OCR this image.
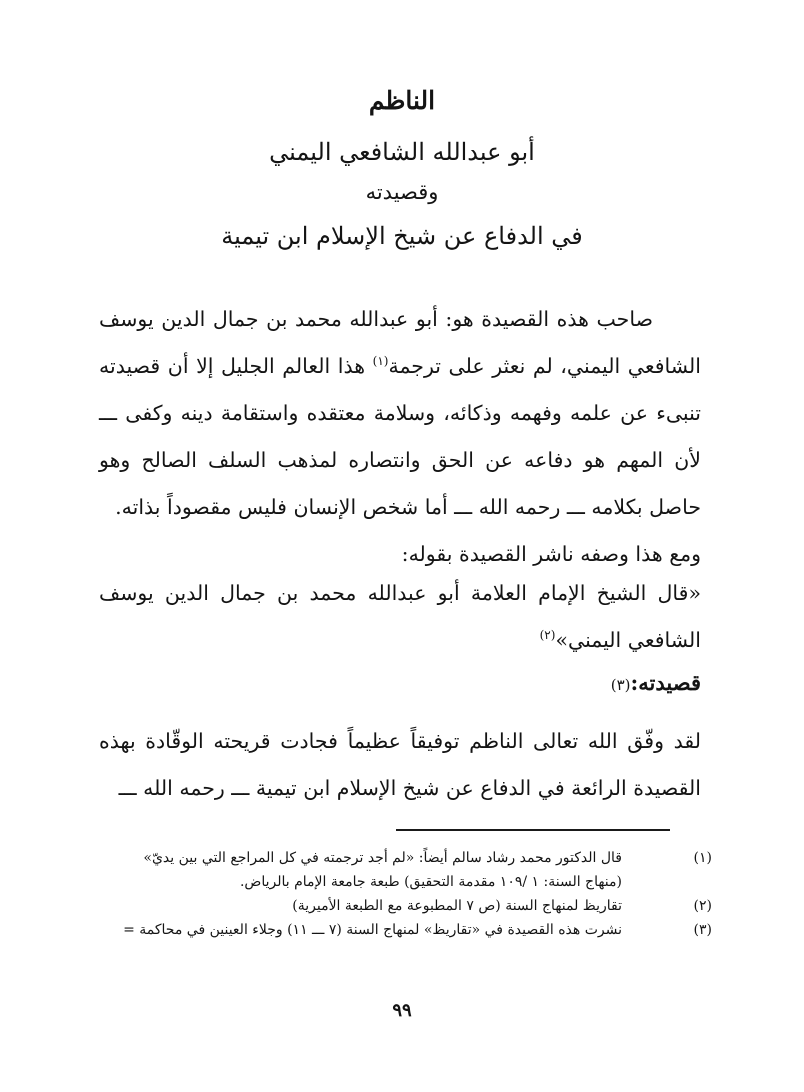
الناظم
أبو عبدالله الشافعي اليمني
وقصيدته
في الدفاع عن شيخ الإسلام ابن تيمية
صاحب هذه القصيدة هو: أبو عبدالله محمد بن جمال الدين يوسف الشافعي اليمني، لم نعثر على ترجمة$^{(١)}$ هذا العالم الجليل إلا أن قصيدته تنبىء عن علمه وفهمه وذكائه، وسلامة معتقده واستقامة دينه وكفى ـــ لأن المهم هو دفاعه عن الحق وانتصاره لمذهب السلف الصالح وهو حاصل بكلامه ـــ رحمه الله ـــ أما شخص الإنسان فليس مقصوداً بذاته.
ومع هذا وصفه ناشر القصيدة بقوله:
«قال الشيخ الإمام العلامة أبو عبدالله محمد بن جمال الدين يوسف الشافعي اليمني»$^{(٢)}$
قصيدته:(٣)
لقد وفّق الله تعالى الناظم توفيقاً عظيماً فجادت قريحته الوقّادة بهذه القصيدة الرائعة في الدفاع عن شيخ الإسلام ابن تيمية ـــ رحمه الله ـــ
(١)
قال الدكتور محمد رشاد سالم أيضاً: «لم أجد ترجمته في كل المراجع التي بين يديّ»
(منهاج السنة: ١ /١٠٩ مقدمة التحقيق) طبعة جامعة الإمام بالرياض.
(٢)
تقاريظ لمنهاج السنة (ص ٧ المطبوعة مع الطبعة الأميرية)
(٣)
نشرت هذه القصيدة في «تقاريظ» لمنهاج السنة (٧ ـــ ١١) وجلاء العينين في محاكمة =
٩٩
